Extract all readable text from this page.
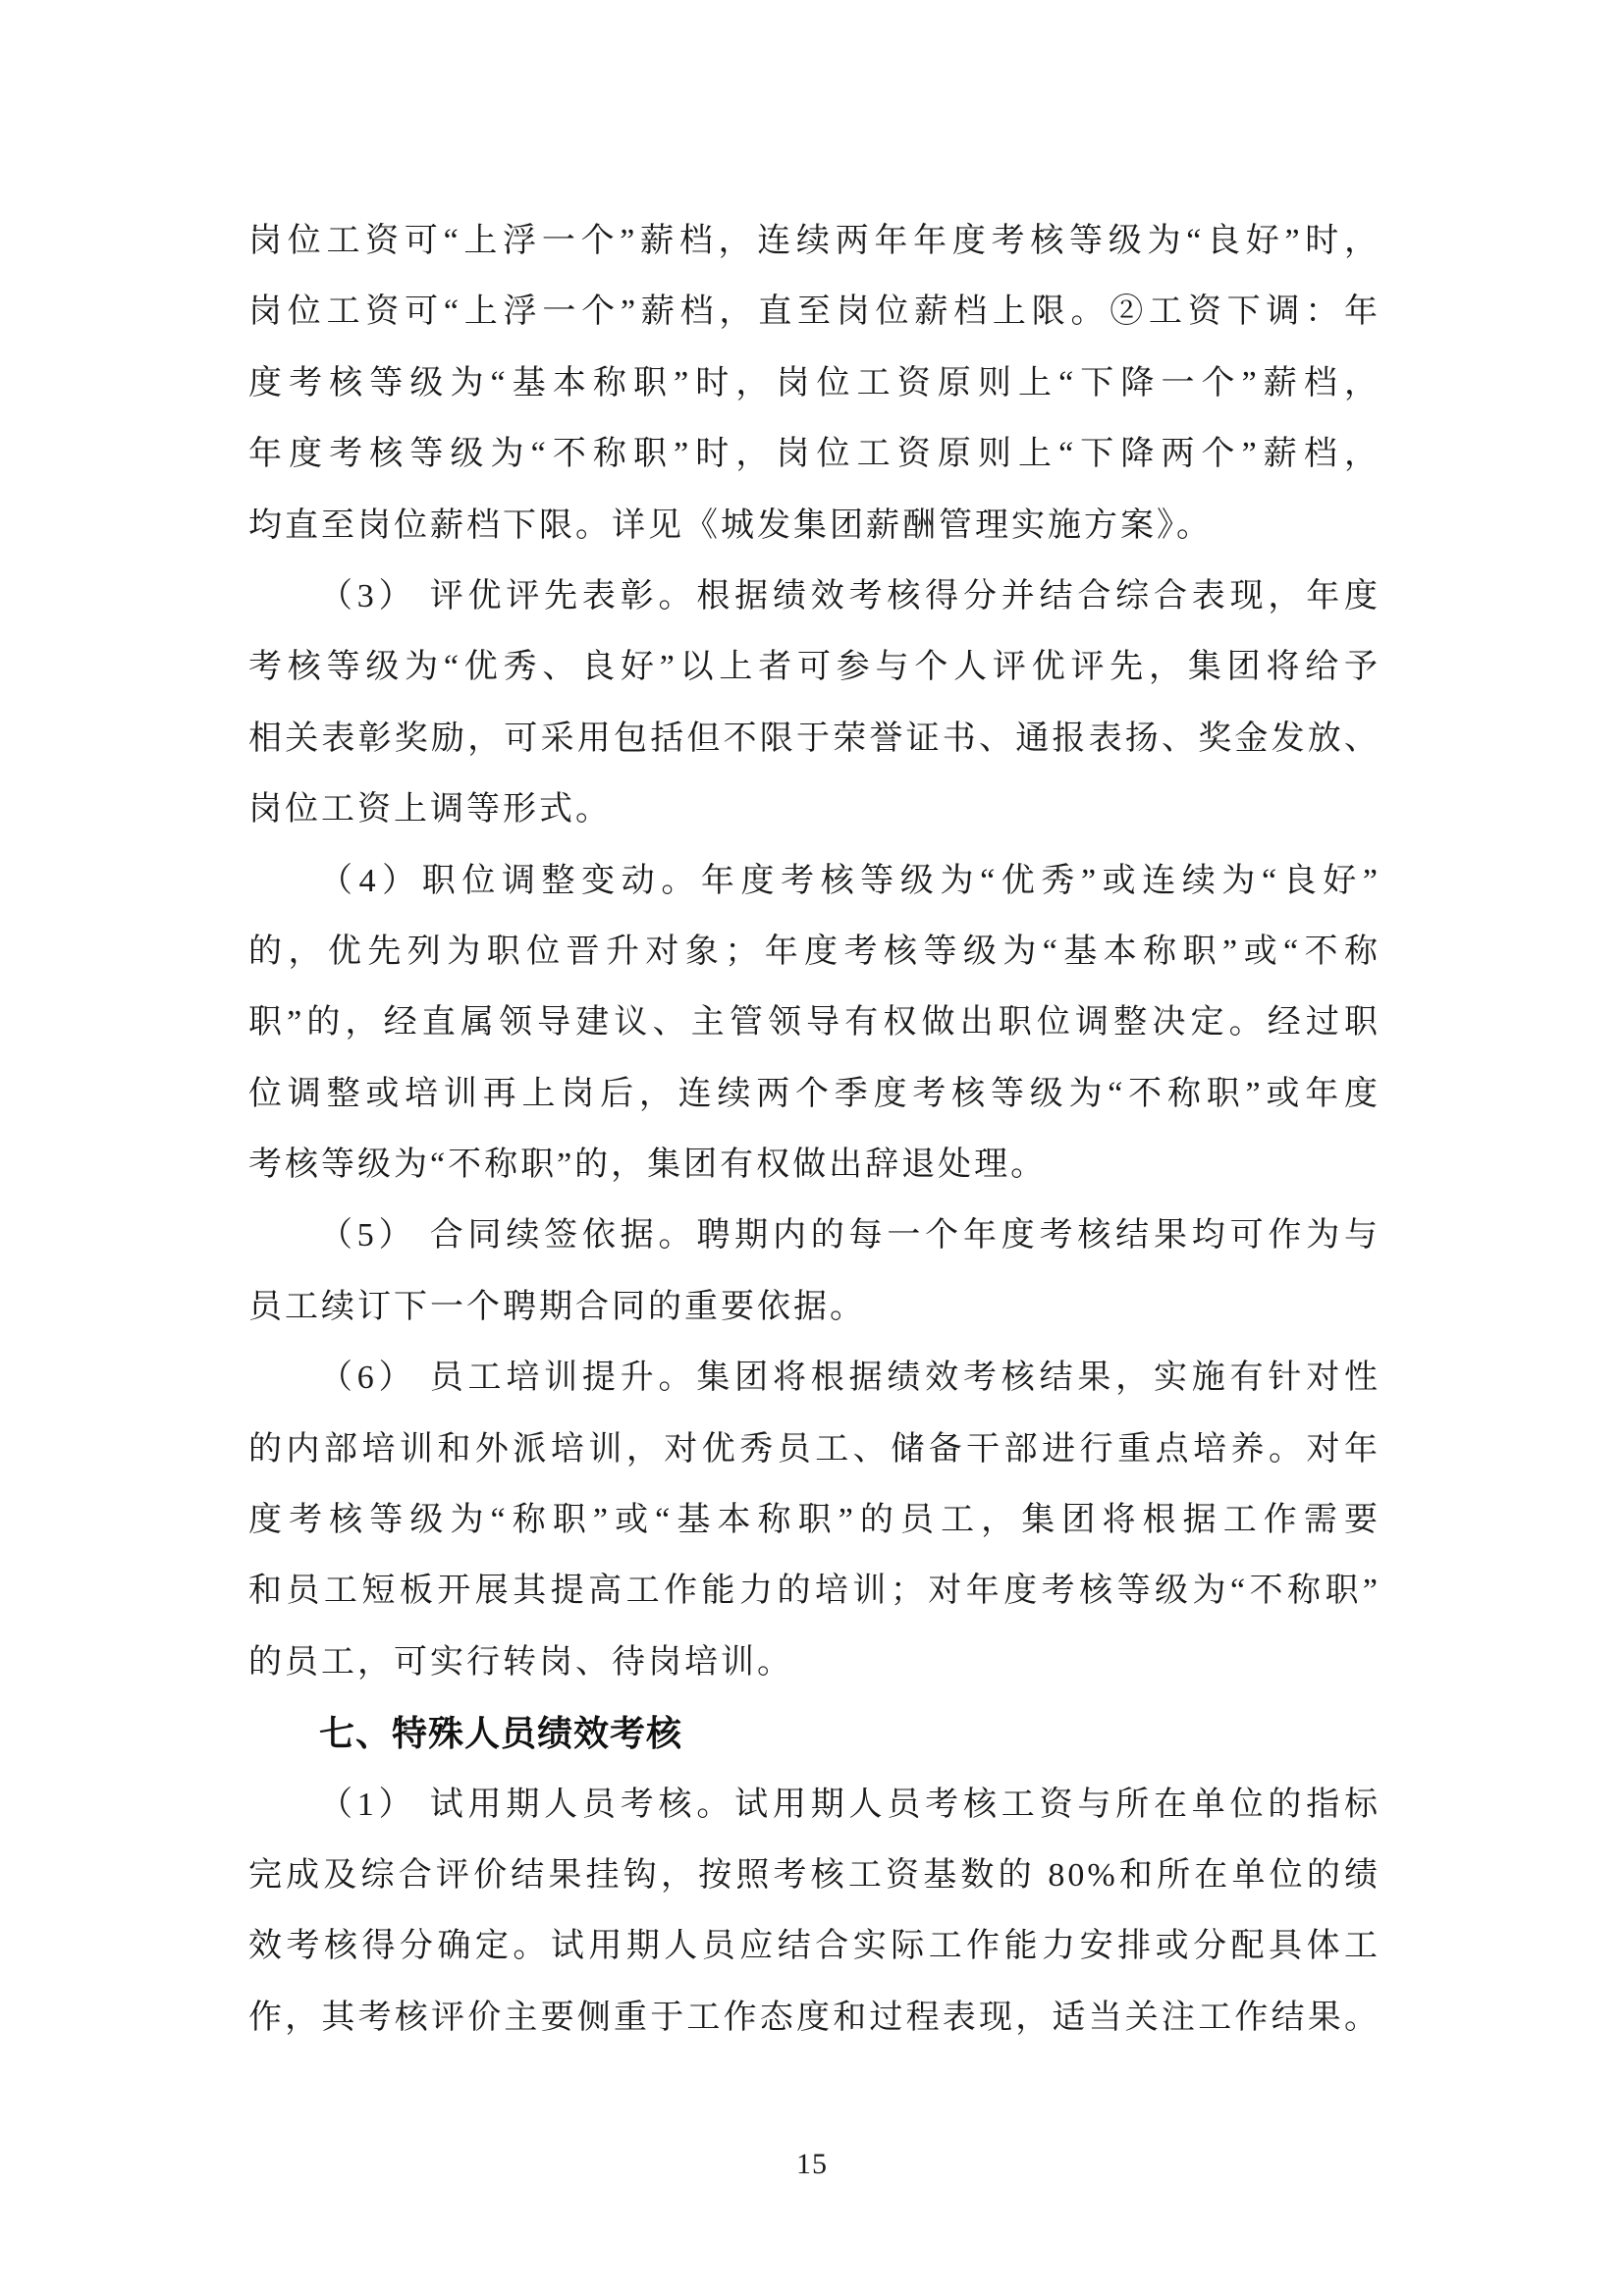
岗位工资可“上浮一个”薪档，连续两年年度考核等级为“良好”时，
岗位工资可“上浮一个”薪档，直至岗位薪档上限。②工资下调：年
度考核等级为“基本称职”时，岗位工资原则上“下降一个”薪档，
年度考核等级为“不称职”时，岗位工资原则上“下降两个”薪档，
均直至岗位薪档下限。详见《城发集团薪酬管理实施方案》。
（3） 评优评先表彰。根据绩效考核得分并结合综合表现，年度
考核等级为“优秀、良好”以上者可参与个人评优评先，集团将给予
相关表彰奖励，可采用包括但不限于荣誉证书、通报表扬、奖金发放、
岗位工资上调等形式。
（4）职位调整变动。年度考核等级为“优秀”或连续为“良好”
的，优先列为职位晋升对象；年度考核等级为“基本称职”或“不称
职”的，经直属领导建议、主管领导有权做出职位调整决定。经过职
位调整或培训再上岗后，连续两个季度考核等级为“不称职”或年度
考核等级为“不称职”的，集团有权做出辞退处理。
（5） 合同续签依据。聘期内的每一个年度考核结果均可作为与
员工续订下一个聘期合同的重要依据。
（6） 员工培训提升。集团将根据绩效考核结果，实施有针对性
的内部培训和外派培训，对优秀员工、储备干部进行重点培养。对年
度考核等级为“称职”或“基本称职”的员工，集团将根据工作需要
和员工短板开展其提高工作能力的培训；对年度考核等级为“不称职”
的员工，可实行转岗、待岗培训。
七、特殊人员绩效考核
（1） 试用期人员考核。试用期人员考核工资与所在单位的指标
完成及综合评价结果挂钩，按照考核工资基数的 80%和所在单位的绩
效考核得分确定。试用期人员应结合实际工作能力安排或分配具体工
作，其考核评价主要侧重于工作态度和过程表现，适当关注工作结果。
15
